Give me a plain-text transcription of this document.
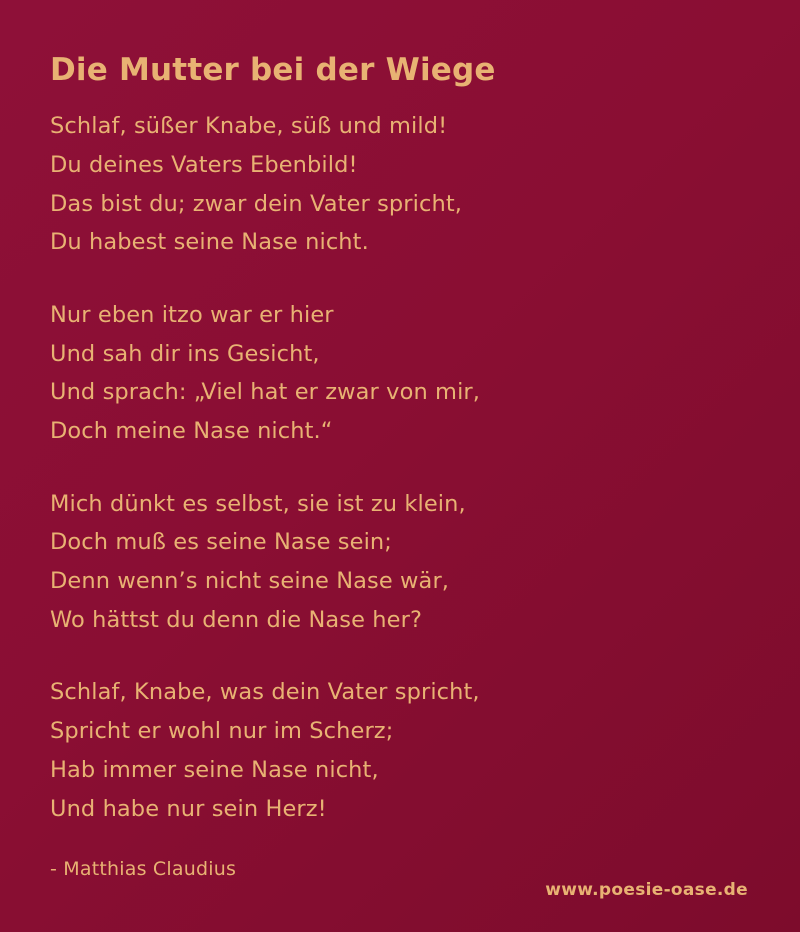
Die Mutter bei der Wiege
Schlaf, süßer Knabe, süß und mild!
Du deines Vaters Ebenbild!
Das bist du; zwar dein Vater spricht,
Du habest seine Nase nicht.
Nur eben itzo war er hier
Und sah dir ins Gesicht,
Und sprach: „Viel hat er zwar von mir,
Doch meine Nase nicht.“
Mich dünkt es selbst, sie ist zu klein,
Doch muß es seine Nase sein;
Denn wenn’s nicht seine Nase wär,
Wo hättst du denn die Nase her?
Schlaf, Knabe, was dein Vater spricht,
Spricht er wohl nur im Scherz;
Hab immer seine Nase nicht,
Und habe nur sein Herz!
- Matthias Claudius
www.poesie-oase.de
